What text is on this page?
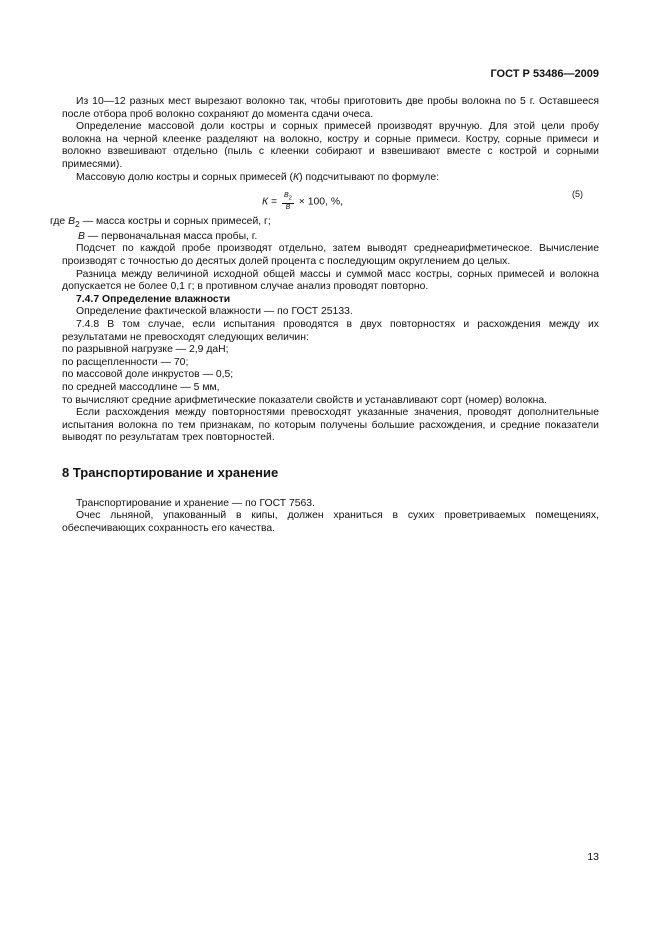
ГОСТ Р 53486—2009

Из 10—12 разных мест вырезают волокно так, чтобы приготовить две пробы волокна по 5 г. Оставшееся после отбора проб волокно сохраняют до момента сдачи очеса.

Определение массовой доли костры и сорных примесей производят вручную. Для этой цели пробу волокна на черной клеенке разделяют на волокно, костру и сорные примеси. Костру, сорные примеси и волокно взвешивают отдельно (пыль с клеенки собирают и взвешивают вместе с кострой и сорными примесями).

Массовую долю костры и сорных примесей (К) подсчитывают по формуле:

$К = \frac{В_2}{В} \times 100$, %,
(5)

где $В_2$ — масса костры и сорных примесей, г;

В — первоначальная масса пробы, г.

Подсчет по каждой пробе производят отдельно, затем выводят среднеарифметическое. Вычисление производят с точностью до десятых долей процента с последующим округлением до целых.

Разница между величиной исходной общей массы и суммой масс костры, сорных примесей и волокна допускается не более 0,1 г; в противном случае анализ проводят повторно.

7.4.7 Определение влажности

Определение фактической влажности — по ГОСТ 25133.

7.4.8 В том случае, если испытания проводятся в двух повторностях и расхождения между их результатами не превосходят следующих величин:

по разрывной нагрузке — 2,9 даН;

по расщепленности — 70;

по массовой доле инкрустов — 0,5;

по средней массодлине — 5 мм,

то вычисляют средние арифметические показатели свойств и устанавливают сорт (номер) волокна.

Если расхождения между повторностями превосходят указанные значения, проводят дополнительные испытания волокна по тем признакам, по которым получены большие расхождения, и средние показатели выводят по результатам трех повторностей.

8 Транспортирование и хранение

Транспортирование и хранение — по ГОСТ 7563.

Очес льняной, упакованный в кипы, должен храниться в сухих проветриваемых помещениях, обеспечивающих сохранность его качества.

13
